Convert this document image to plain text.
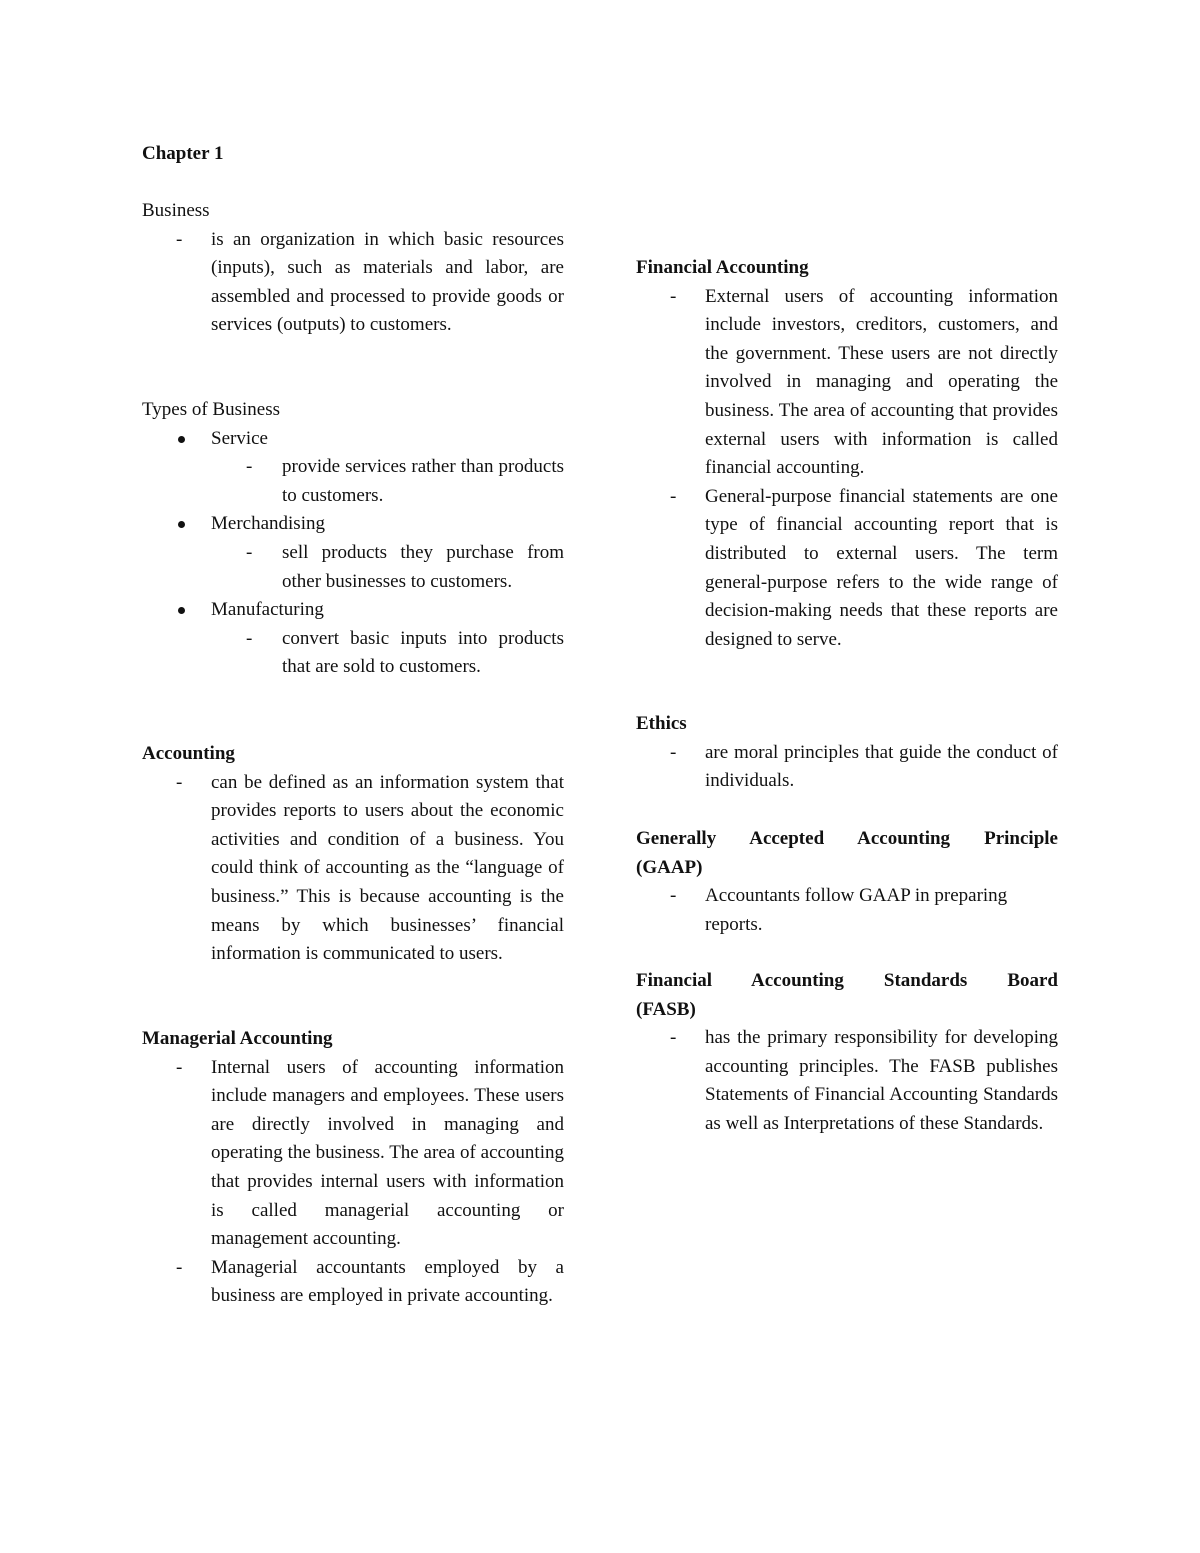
Chapter 1
Business
- is an organization in which basic resources (inputs), such as materials and labor, are assembled and processed to provide goods or services (outputs) to customers.
Types of Business
Service
- provide services rather than products to customers.
Merchandising
- sell products they purchase from other businesses to customers.
Manufacturing
- convert basic inputs into products that are sold to customers.
Accounting
- can be defined as an information system that provides reports to users about the economic activities and condition of a business. You could think of accounting as the “language of business.” This is because accounting is the means by which businesses’ financial information is communicated to users.
Managerial Accounting
- Internal users of accounting information include managers and employees. These users are directly involved in managing and operating the business. The area of accounting that provides internal users with information is called managerial accounting or management accounting.
- Managerial accountants employed by a business are employed in private accounting.
Financial Accounting
- External users of accounting information include investors, creditors, customers, and the government. These users are not directly involved in managing and operating the business. The area of accounting that provides external users with information is called financial accounting.
- General-purpose financial statements are one type of financial accounting report that is distributed to external users. The term general-purpose refers to the wide range of decision-making needs that these reports are designed to serve.
Ethics
- are moral principles that guide the conduct of individuals.
Generally Accepted Accounting Principle
(GAAP)
- Accountants follow GAAP in preparing reports.
Financial Accounting Standards Board
(FASB)
- has the primary responsibility for developing accounting principles. The FASB publishes Statements of Financial Accounting Standards as well as Interpretations of these Standards.
